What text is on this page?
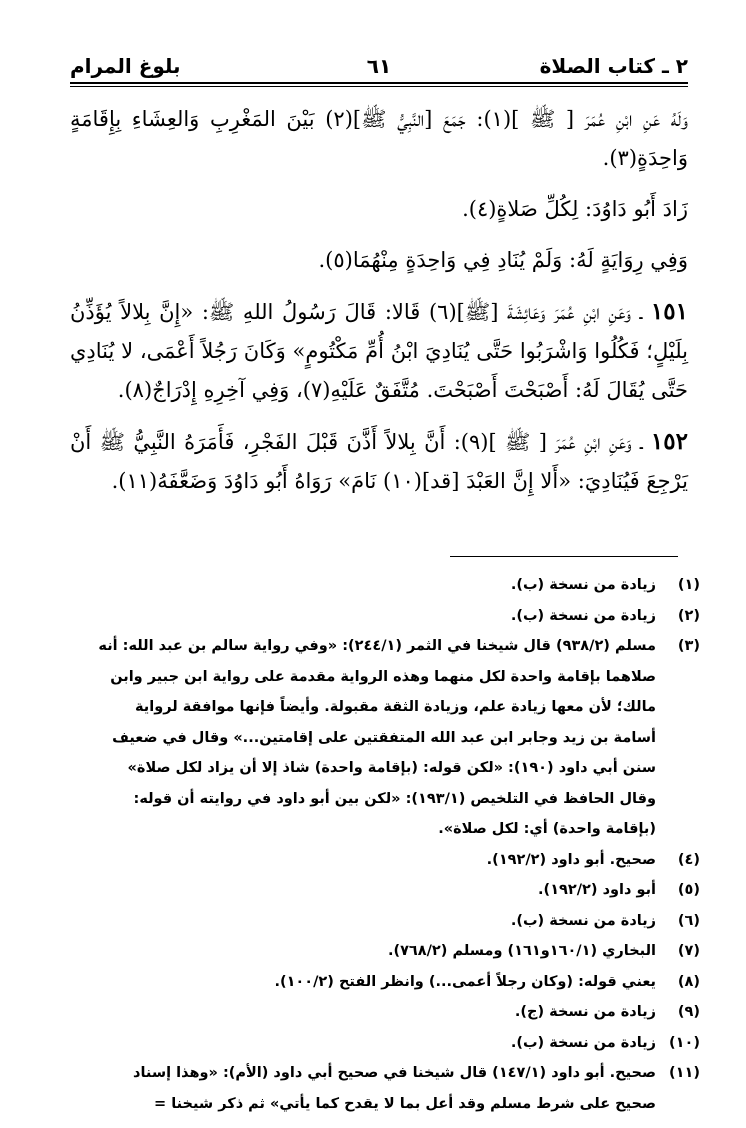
٢ ـ كتاب الصلاة
٦١
بلوغ المرام

وَلَهُ عَنِ ابْنِ عُمَرَ [ ﷺ ](١): جَمَعَ [النَّبِيُّ ﷺ](٢) بَيْنَ المَغْرِبِ وَالعِشَاءِ بِإِقَامَةٍ وَاحِدَةٍ(٣).

زَادَ أَبُو دَاوُدَ: لِكُلِّ صَلاةٍ(٤).

وَفِي رِوَايَةٍ لَهُ: وَلَمْ يُنَادِ فِي وَاحِدَةٍ مِنْهُمَا(٥).

١٥١ ـ وَعَنِ ابْنِ عُمَرَ وَعَائِشَةَ [ﷺ](٦) قَالا: قَالَ رَسُولُ اللهِ ﷺ: «إِنَّ بِلالاً يُؤَذِّنُ بِلَيْلٍ؛ فَكُلُوا وَاشْرَبُوا حَتَّى يُنَادِيَ ابْنُ أُمِّ مَكْتُومٍ» وَكَانَ رَجُلاً أَعْمَى، لا يُنَادِي حَتَّى يُقَالَ لَهُ: أَصْبَحْتَ أَصْبَحْتَ. مُتَّفَقٌ عَلَيْهِ(٧)، وَفِي آخِرِهِ إِدْرَاجٌ(٨).

١٥٢ ـ وَعَنِ ابْنِ عُمَرَ [ ﷺ ](٩): أَنَّ بِلالاً أَذَّنَ قَبْلَ الفَجْرِ، فَأَمَرَهُ النَّبِيُّ ﷺ أَنْ يَرْجِعَ فَيُنَادِيَ: «أَلا إِنَّ العَبْدَ [قد](١٠) نَامَ» رَوَاهُ أَبُو دَاوُدَ وَضَعَّفَهُ(١١).

(١)
زيادة من نسخة (ب).
(٢)
زيادة من نسخة (ب).
(٣)
مسلم (٩٣٨/٢) قال شيخنا في الثمر (٢٤٤/١): «وفي رواية سالم بن عبد الله: أنه صلاهما بإقامة واحدة لكل منهما وهذه الرواية مقدمة على رواية ابن جبير وابن مالك؛ لأن معها زيادة علم، وزيادة الثقة مقبولة. وأيضاً فإنها موافقة لرواية أسامة بن زيد وجابر ابن عبد الله المتفقتين على إقامتين...» وقال في ضعيف سنن أبي داود (١٩٠): «لكن قوله: (بإقامة واحدة) شاذ إلا أن يزاد لكل صلاة» وقال الحافظ في التلخيص (١٩٣/١): «لكن بين أبو داود في روايته أن قوله: (بإقامة واحدة) أي: لكل صلاة».
(٤)
صحيح. أبو داود (١٩٢/٢).
(٥)
أبو داود (١٩٢/٢).
(٦)
زيادة من نسخة (ب).
(٧)
البخاري (١٦٠/١و١٦١) ومسلم (٧٦٨/٢).
(٨)
يعني قوله: (وكان رجلاً أعمى...) وانظر الفتح (١٠٠/٢).
(٩)
زيادة من نسخة (ج).
(١٠)
زيادة من نسخة (ب).
(١١)
صحيح. أبو داود (١٤٧/١) قال شيخنا في صحيح أبي داود (الأم): «وهذا إسناد صحيح على شرط مسلم وقد أعل بما لا يقدح كما يأتي» ثم ذكر شيخنا =
